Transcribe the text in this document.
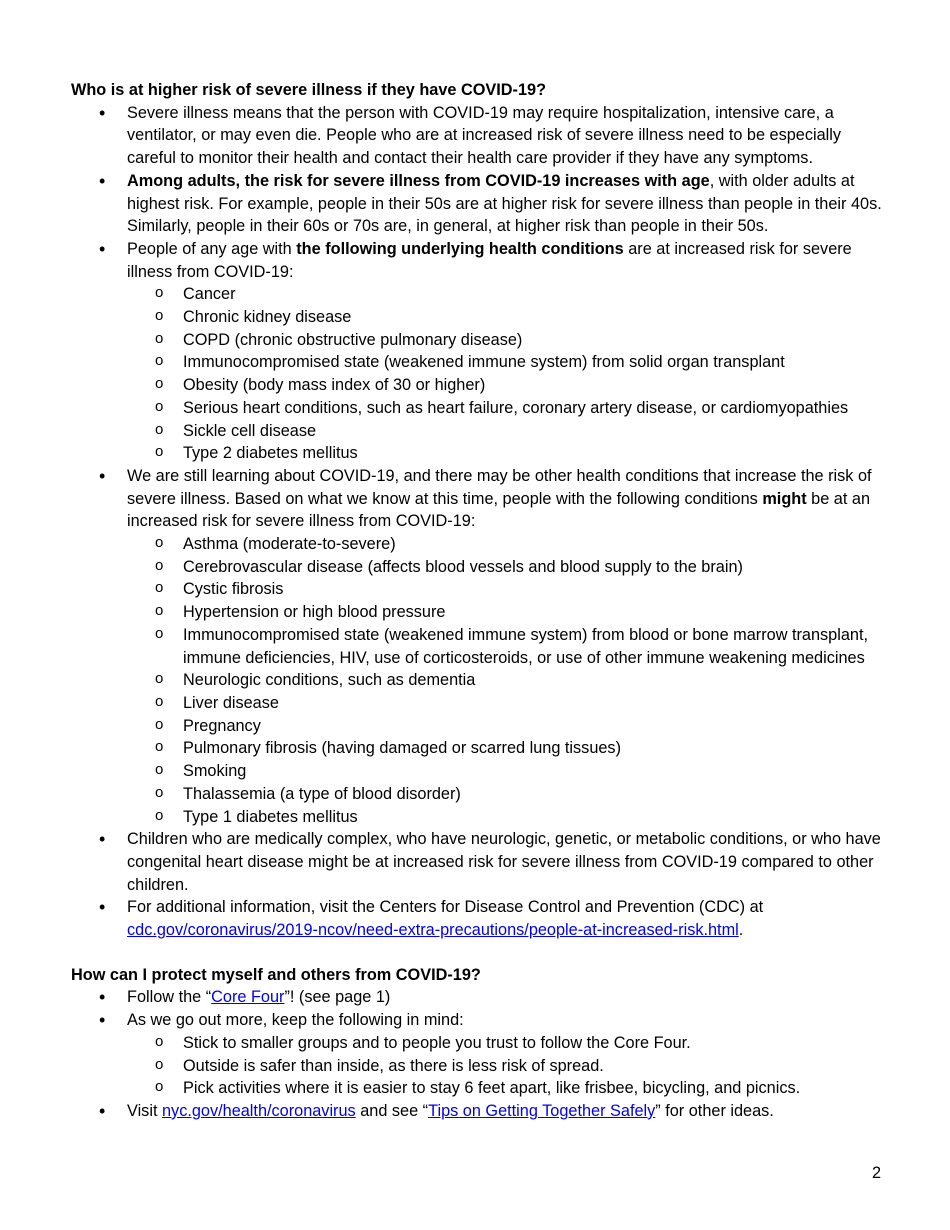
Who is at higher risk of severe illness if they have COVID-19?
• Severe illness means that the person with COVID-19 may require hospitalization, intensive care, a ventilator, or may even die. People who are at increased risk of severe illness need to be especially careful to monitor their health and contact their health care provider if they have any symptoms.
• Among adults, the risk for severe illness from COVID-19 increases with age, with older adults at highest risk. For example, people in their 50s are at higher risk for severe illness than people in their 40s. Similarly, people in their 60s or 70s are, in general, at higher risk than people in their 50s.
• People of any age with the following underlying health conditions are at increased risk for severe illness from COVID-19:
o Cancer
o Chronic kidney disease
o COPD (chronic obstructive pulmonary disease)
o Immunocompromised state (weakened immune system) from solid organ transplant
o Obesity (body mass index of 30 or higher)
o Serious heart conditions, such as heart failure, coronary artery disease, or cardiomyopathies
o Sickle cell disease
o Type 2 diabetes mellitus
• We are still learning about COVID-19, and there may be other health conditions that increase the risk of severe illness. Based on what we know at this time, people with the following conditions might be at an increased risk for severe illness from COVID-19:
o Asthma (moderate-to-severe)
o Cerebrovascular disease (affects blood vessels and blood supply to the brain)
o Cystic fibrosis
o Hypertension or high blood pressure
o Immunocompromised state (weakened immune system) from blood or bone marrow transplant, immune deficiencies, HIV, use of corticosteroids, or use of other immune weakening medicines
o Neurologic conditions, such as dementia
o Liver disease
o Pregnancy
o Pulmonary fibrosis (having damaged or scarred lung tissues)
o Smoking
o Thalassemia (a type of blood disorder)
o Type 1 diabetes mellitus
• Children who are medically complex, who have neurologic, genetic, or metabolic conditions, or who have congenital heart disease might be at increased risk for severe illness from COVID-19 compared to other children.
• For additional information, visit the Centers for Disease Control and Prevention (CDC) at cdc.gov/coronavirus/2019-ncov/need-extra-precautions/people-at-increased-risk.html.
How can I protect myself and others from COVID-19?
• Follow the “Core Four”! (see page 1)
• As we go out more, keep the following in mind:
o Stick to smaller groups and to people you trust to follow the Core Four.
o Outside is safer than inside, as there is less risk of spread.
o Pick activities where it is easier to stay 6 feet apart, like frisbee, bicycling, and picnics.
• Visit nyc.gov/health/coronavirus and see “Tips on Getting Together Safely” for other ideas.
2
